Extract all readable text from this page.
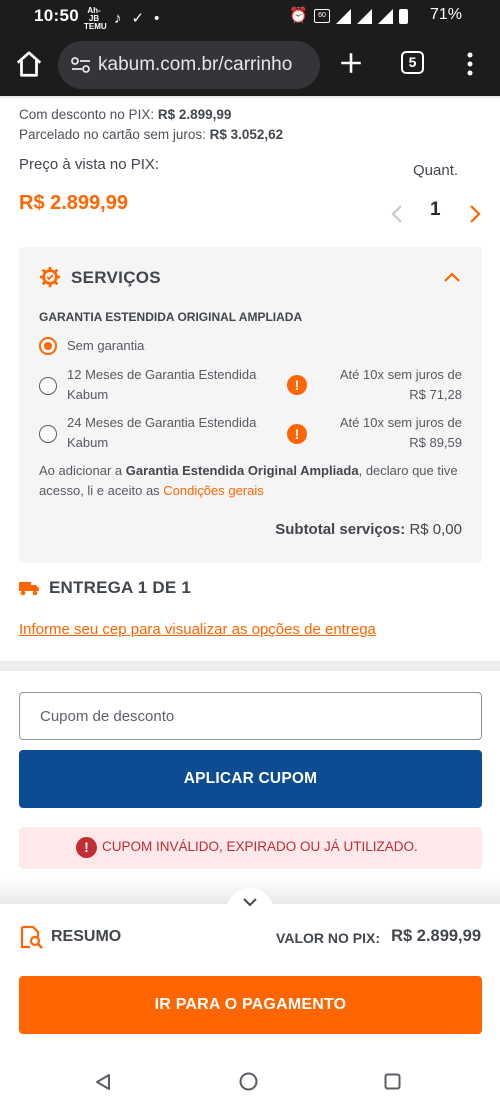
10:50	Ah-JB TEMU ♪ ✓ •	⏰	60	71%
kabum.com.br/carrinho	5
Com desconto no PIX: R$ 2.899,99
Parcelado no cartão sem juros: R$ 3.052,62
Preço à vista no PIX:	Quant.
R$ 2.899,99	1
SERVIÇOS
GARANTIA ESTENDIDA ORIGINAL AMPLIADA
Sem garantia
12 Meses de Garantia Estendida
Kabum
!
Até 10x sem juros de
R$ 71,28
24 Meses de Garantia Estendida
Kabum
!
Até 10x sem juros de
R$ 89,59
Ao adicionar a Garantia Estendida Original Ampliada, declaro que tive acesso, li e aceito as Condições gerais
Subtotal serviços: R$ 0,00
ENTREGA 1 DE 1
Informe seu cep para visualizar as opções de entrega
Cupom de desconto
APLICAR CUPOM
! CUPOM INVÁLIDO, EXPIRADO OU JÁ UTILIZADO.
RESUMO	VALOR NO PIX: R$ 2.899,99
IR PARA O PAGAMENTO
